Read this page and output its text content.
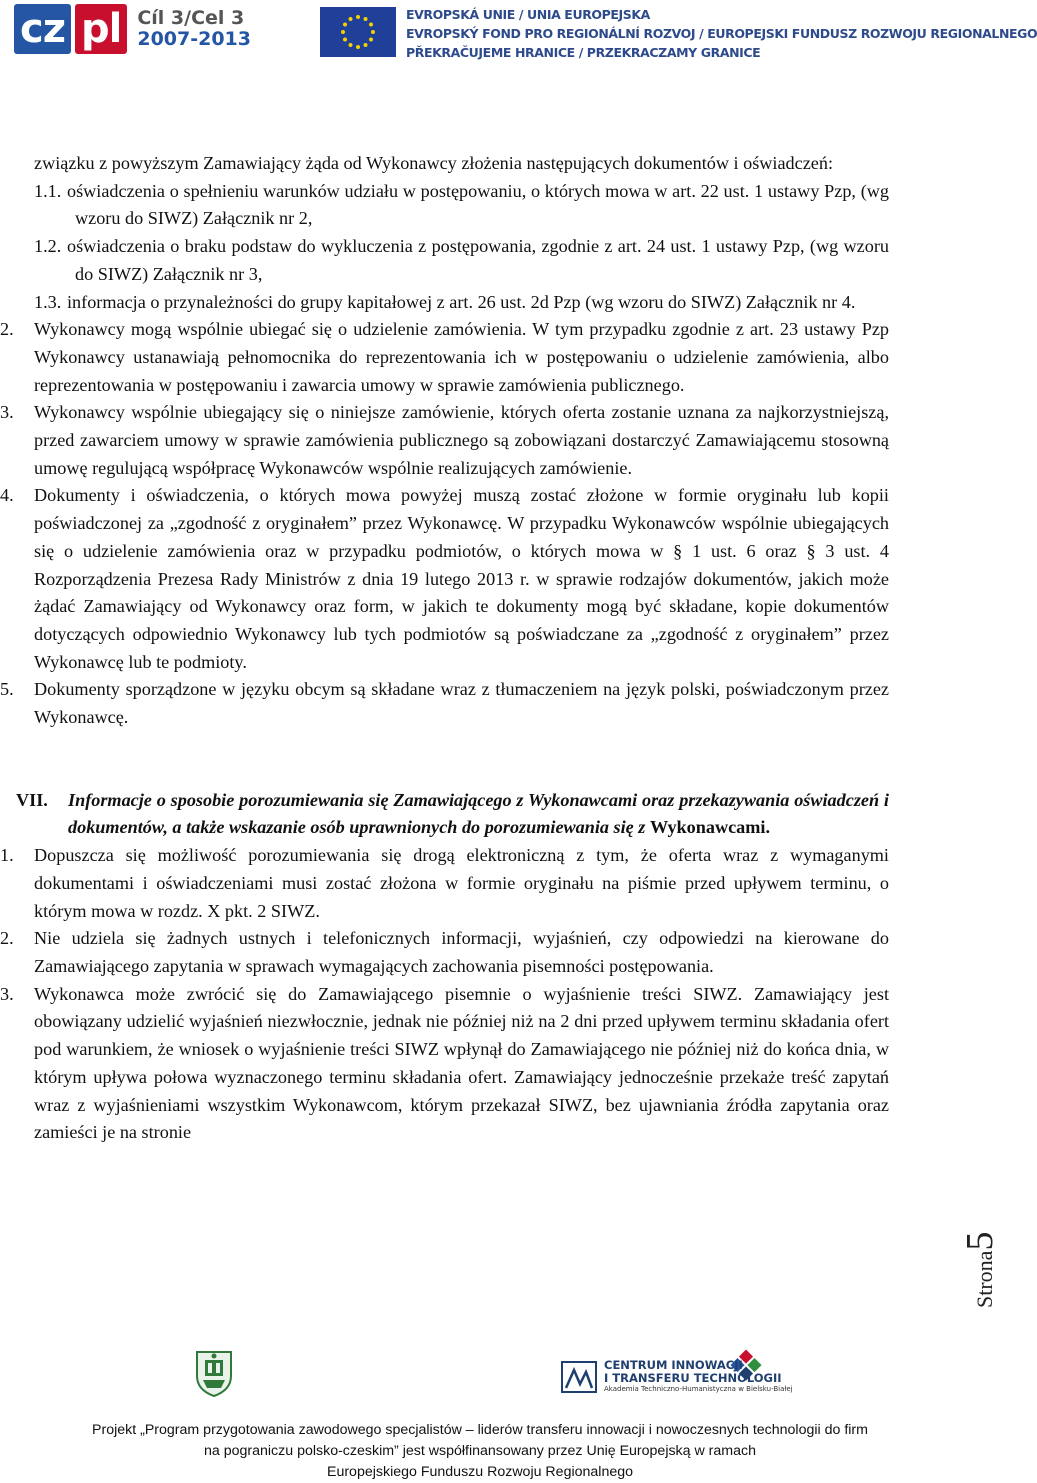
cz pl Cíl 3/Cel 3
2007-2013
EVROPSKÁ UNIE / UNIA EUROPEJSKA
EVROPSKÝ FOND PRO REGIONÁLNÍ ROZVOJ / EUROPEJSKI FUNDUSZ ROZWOJU REGIONALNEGO
PŘEKRAČUJEME HRANICE / PRZEKRACZAMY GRANICE

związku z powyższym Zamawiający żąda od Wykonawcy złożenia następujących dokumentów i oświadczeń:

1.1. oświadczenia o spełnieniu warunków udziału w postępowaniu, o których mowa w art. 22 ust. 1 ustawy Pzp, (wg wzoru do SIWZ) Załącznik nr 2,

1.2. oświadczenia o braku podstaw do wykluczenia z postępowania, zgodnie z art. 24 ust. 1 ustawy Pzp, (wg wzoru do SIWZ) Załącznik nr 3,

1.3. informacja o przynależności do grupy kapitałowej z art. 26 ust. 2d Pzp (wg wzoru do SIWZ) Załącznik nr 4.

2. Wykonawcy mogą wspólnie ubiegać się o udzielenie zamówienia. W tym przypadku zgodnie z art. 23 ustawy Pzp Wykonawcy ustanawiają pełnomocnika do reprezentowania ich w postępowaniu o udzielenie zamówienia, albo reprezentowania w postępowaniu i zawarcia umowy w sprawie zamówienia publicznego.

3. Wykonawcy wspólnie ubiegający się o niniejsze zamówienie, których oferta zostanie uznana za najkorzystniejszą, przed zawarciem umowy w sprawie zamówienia publicznego są zobowiązani dostarczyć Zamawiającemu stosowną umowę regulującą współpracę Wykonawców wspólnie realizujących zamówienie.

4. Dokumenty i oświadczenia, o których mowa powyżej muszą zostać złożone w formie oryginału lub kopii poświadczonej za „zgodność z oryginałem” przez Wykonawcę. W przypadku Wykonawców wspólnie ubiegających się o udzielenie zamówienia oraz w przypadku podmiotów, o których mowa w § 1 ust. 6 oraz § 3 ust. 4 Rozporządzenia Prezesa Rady Ministrów z dnia 19 lutego 2013 r. w sprawie rodzajów dokumentów, jakich może żądać Zamawiający od Wykonawcy oraz form, w jakich te dokumenty mogą być składane, kopie dokumentów dotyczących odpowiednio Wykonawcy lub tych podmiotów są poświadczane za „zgodność z oryginałem” przez Wykonawcę lub te podmioty.

5. Dokumenty sporządzone w języku obcym są składane wraz z tłumaczeniem na język polski, poświadczonym przez Wykonawcę.

VII. Informacje o sposobie porozumiewania się Zamawiającego z Wykonawcami oraz przekazywania oświadczeń i dokumentów, a także wskazanie osób uprawnionych do porozumiewania się z Wykonawcami.

1. Dopuszcza się możliwość porozumiewania się drogą elektroniczną z tym, że oferta wraz z wymaganymi dokumentami i oświadczeniami musi zostać złożona w formie oryginału na piśmie przed upływem terminu, o którym mowa w rozdz. X pkt. 2 SIWZ.

2. Nie udziela się żadnych ustnych i telefonicznych informacji, wyjaśnień, czy odpowiedzi na kierowane do Zamawiającego zapytania w sprawach wymagających zachowania pisemności postępowania.

3. Wykonawca może zwrócić się do Zamawiającego pisemnie o wyjaśnienie treści SIWZ. Zamawiający jest obowiązany udzielić wyjaśnień niezwłocznie, jednak nie później niż na 2 dni przed upływem terminu składania ofert pod warunkiem, że wniosek o wyjaśnienie treści SIWZ wpłynął do Zamawiającego nie później niż do końca dnia, w którym upływa połowa wyznaczonego terminu składania ofert. Zamawiający jednocześnie przekaże treść zapytań wraz z wyjaśnieniami wszystkim Wykonawcom, którym przekazał SIWZ, bez ujawniania źródła zapytania oraz zamieści je na stronie

Strona5
CENTRUM INNOWACJI
I TRANSFERU TECHNOLOGII
Akademia Techniczno-Humanistyczna w Bielsku-Białej
Projekt „Program przygotowania zawodowego specjalistów – liderów transferu innowacji i nowoczesnych technologii do firm
na pograniczu polsko-czeskim” jest współfinansowany przez Unię Europejską w ramach
Europejskiego Funduszu Rozwoju Regionalnego
